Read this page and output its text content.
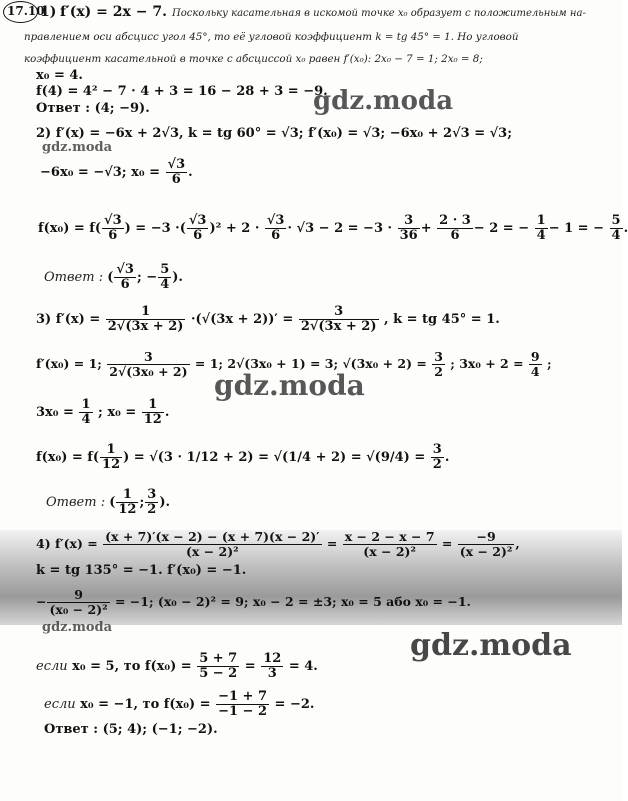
17.10
1) f′(x) = 2x − 7. Поскольку касательная в искомой точке x₀ образует с положительным на-
правлением оси абсцисс угол 45°, то её угловой коэффициент k = tg 45° = 1. Но угловой
коэффициент касательной в точке с абсциссой x₀ равен f′(x₀): 2x₀ − 7 = 1; 2x₀ = 8;
x₀ = 4.
f(4) = 4² − 7 · 4 + 3 = 16 − 28 + 3 = −9.
Ответ : (4; −9).	gdz.moda
2) f′(x) = −6x + 2√3, k = tg 60° = √3; f′(x₀) = √3; −6x₀ + 2√3 = √3;
gdz.moda
−6x₀ = −√3; $x_0 = \frac{√3}{6}$ .
$f(x_0) = f( \frac{√3}{6}$ ) = −3 ·( $\frac{√3}{6} )^2 + 2 \cdot \frac{√3}{6} \cdot √3 - 2 = -3 \cdot \frac{3}{36} + \frac{2 \cdot 3}{6} - 2$ = − $\frac{1}{4} - 1$ = − $\frac{5}{4}$ .
Ответ : ( $\frac{√3}{6}$ ; − $\frac{5}{4}$ ).
3) $f'(x) = \frac{1}{2√(3x + 2)} \cdot(√(3x + 2))' = \frac{3}{2√(3x + 2)}$ , k = tg 45° = 1.
f′(x₀) = 1; $\frac{3}{\text{2√(3x₀ + 2)}} = 1$; 2√(3x₀ + 1) = 3; $√(3x_0 + 2) = \frac{3}{2}$ ; $3x_0 + 2 = \frac{9}{4}$ ;
gdz.moda
$3x_0 = \frac{1}{4}$ ; $x_0 = \frac{1}{12}$ .
$f(x_0) = f( \frac{1}{12}$ ) = $√(3 \cdot 1/12 + 2) = √(1/4 + 2) = √(9/4) = \frac{3}{2}$ .
Ответ : ( $\frac{1}{12}$ ; $\frac{3}{2}$ ).
4) $f'(x) = \frac{(x + 7)'(x - 2) - (x + 7)(x - 2)'}{\text{(x − 2)²}} = \frac{x - 2 - x - 7}{\text{(x − 2)²}} = \frac{-9}{\text{(x − 2)²}}$ ,
k = tg 135° = −1. f′(x₀) = −1.
− $\frac{9}{\text{(x₀ − 2)²}} = -1$; (x₀ − 2)² = 9; x₀ − 2 = ±3; x₀ = 5 або x₀ = −1.
gdz.moda
gdz.moda
если x₀ = 5, то $f(x_0) = \frac{5 + 7}{5 - 2} = \frac{12}{3} = 4$.
если x₀ = −1, то $f(x_0) = \frac{-1 + 7}{-1 - 2} = -2$.
Ответ : (5; 4); (−1; −2).
